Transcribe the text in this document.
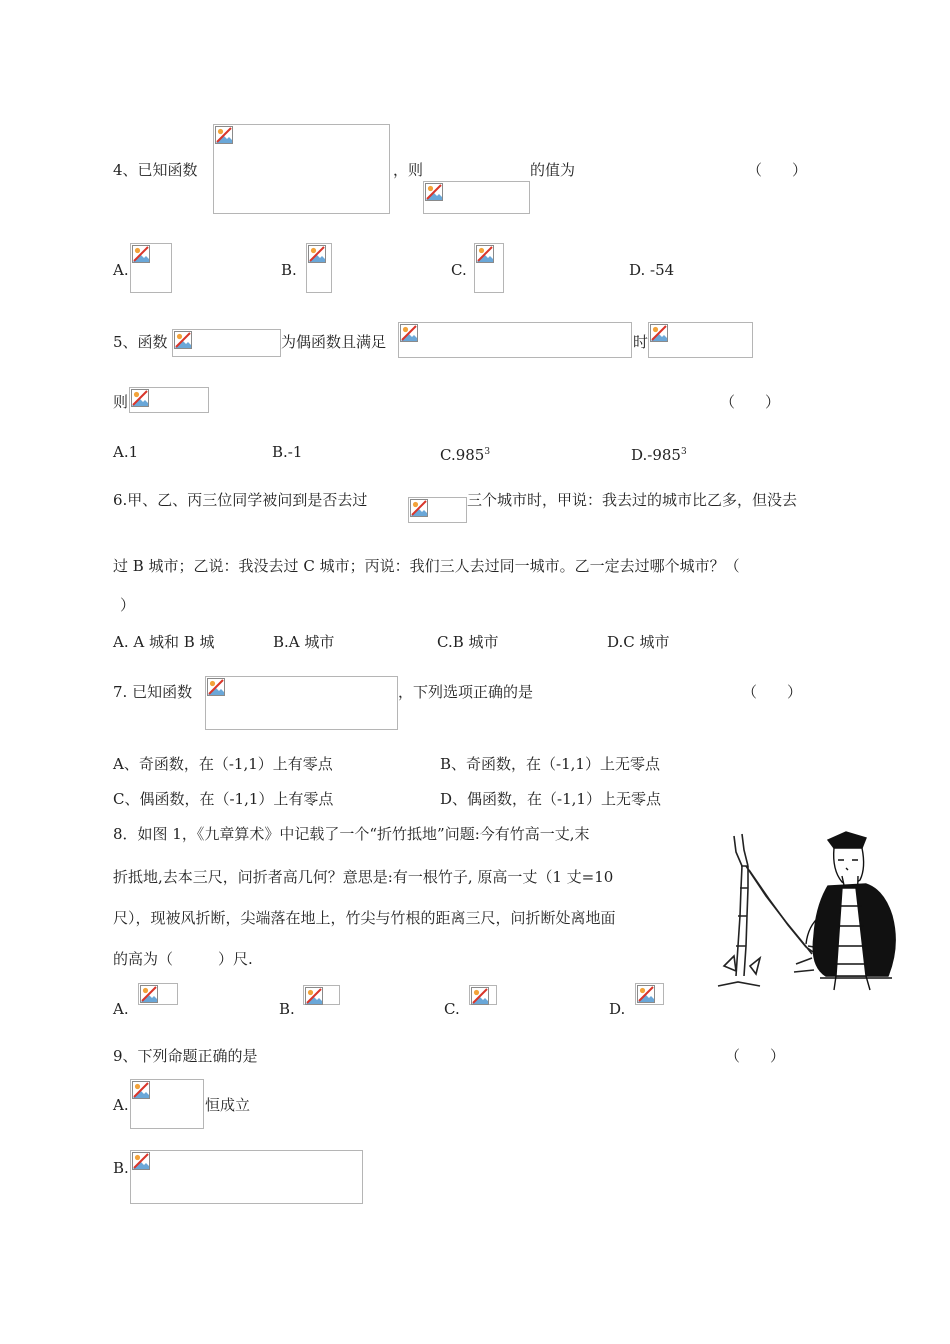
4、已知函数	，则	的值为	（　　）
A.	B.	C.	D. -54
5、函数	为偶函数且满足	时
则	（　　）
A.1	B.-1	C.985$^3$	$D.-985^3$
6.甲、乙、丙三位同学被问到是否去过	三个城市时，甲说：我去过的城市比乙多，但没去
过 B 城市；乙说：我没去过 C 城市；丙说：我们三人去过同一城市。乙一定去过哪个城市？（
）
A. A 城和 B 城	B.A 城市	C.B 城市	D.C 城市
7. 已知函数	，下列选项正确的是	（　　）
A、奇函数，在（-1,1）上有零点	B、奇函数，在（-1,1）上无零点
C、偶函数，在（-1,1）上有零点	D、偶函数，在（-1,1）上无零点
8．如图 1，《九章算术》中记载了一个“折竹抵地”问题:今有竹高一丈,末
折抵地,去本三尺，问折者高几何？意思是:有一根竹子, 原高一丈（1 丈=10
尺），现被风折断，尖端落在地上，竹尖与竹根的距离三尺，问折断处离地面
的高为（　　　）尺.
A.	B.	C.	D.
9、下列命题正确的是	（　　）
A.	恒成立
B.
